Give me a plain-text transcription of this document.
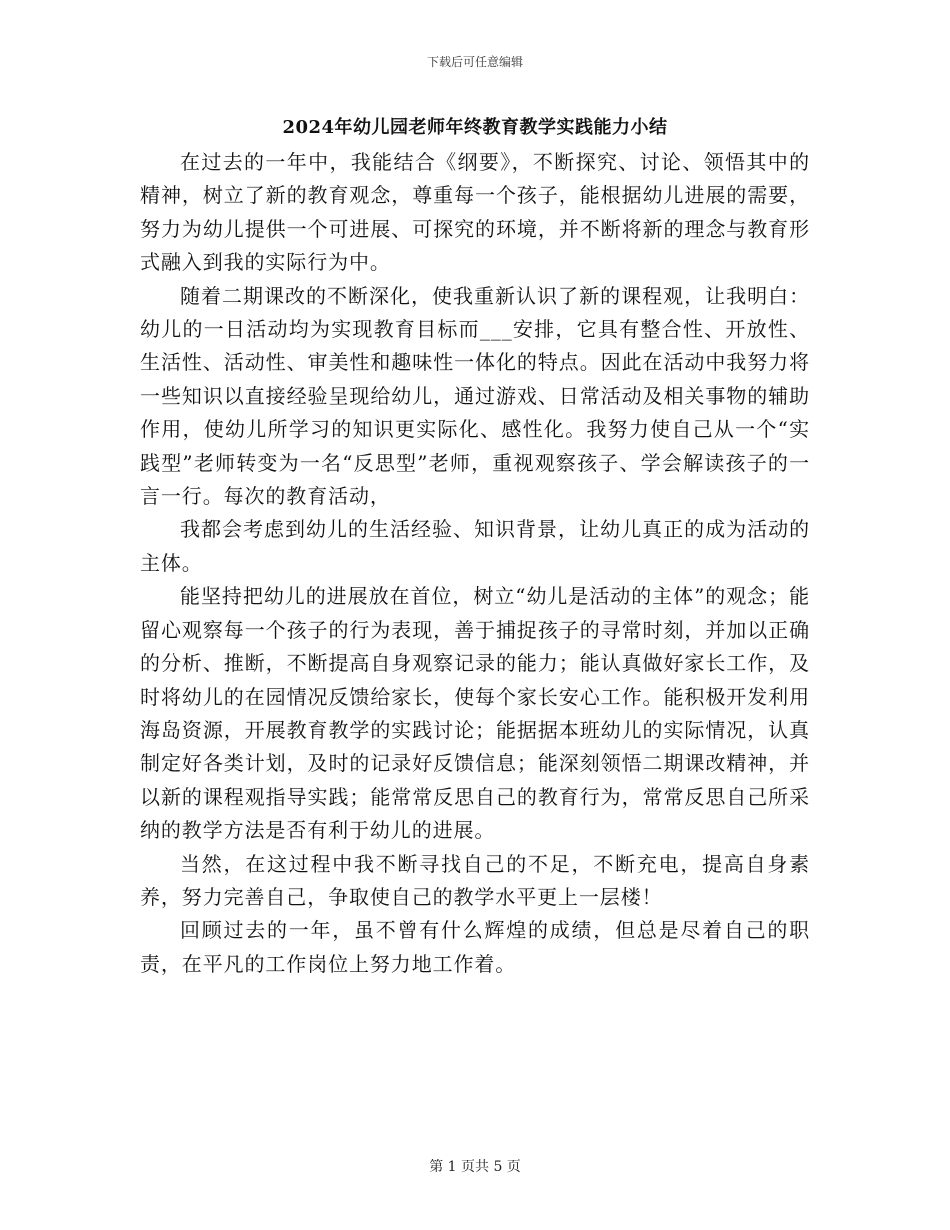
下载后可任意编辑
2024年幼儿园老师年终教育教学实践能力小结

在过去的一年中，我能结合《纲要》，不断探究、讨论、领悟其中的精神，树立了新的教育观念，尊重每一个孩子，能根据幼儿进展的需要，努力为幼儿提供一个可进展、可探究的环境，并不断将新的理念与教育形式融入到我的实际行为中。

随着二期课改的不断深化，使我重新认识了新的课程观，让我明白：幼儿的一日活动均为实现教育目标而___安排，它具有整合性、开放性、生活性、活动性、审美性和趣味性一体化的特点。因此在活动中我努力将一些知识以直接经验呈现给幼儿，通过游戏、日常活动及相关事物的辅助作用，使幼儿所学习的知识更实际化、感性化。我努力使自己从一个“实践型”老师转变为一名“反思型”老师，重视观察孩子、学会解读孩子的一言一行。每次的教育活动，

我都会考虑到幼儿的生活经验、知识背景，让幼儿真正的成为活动的主体。

能坚持把幼儿的进展放在首位，树立“幼儿是活动的主体”的观念；能留心观察每一个孩子的行为表现，善于捕捉孩子的寻常时刻，并加以正确的分析、推断，不断提高自身观察记录的能力；能认真做好家长工作，及时将幼儿的在园情况反馈给家长，使每个家长安心工作。能积极开发利用海岛资源，开展教育教学的实践讨论；能据据本班幼儿的实际情况，认真制定好各类计划，及时的记录好反馈信息；能深刻领悟二期课改精神，并以新的课程观指导实践；能常常反思自己的教育行为，常常反思自己所采纳的教学方法是否有利于幼儿的进展。

当然，在这过程中我不断寻找自己的不足，不断充电，提高自身素养，努力完善自己，争取使自己的教学水平更上一层楼！

回顾过去的一年，虽不曾有什么辉煌的成绩，但总是尽着自己的职责，在平凡的工作岗位上努力地工作着。

第 1 页共 5 页
